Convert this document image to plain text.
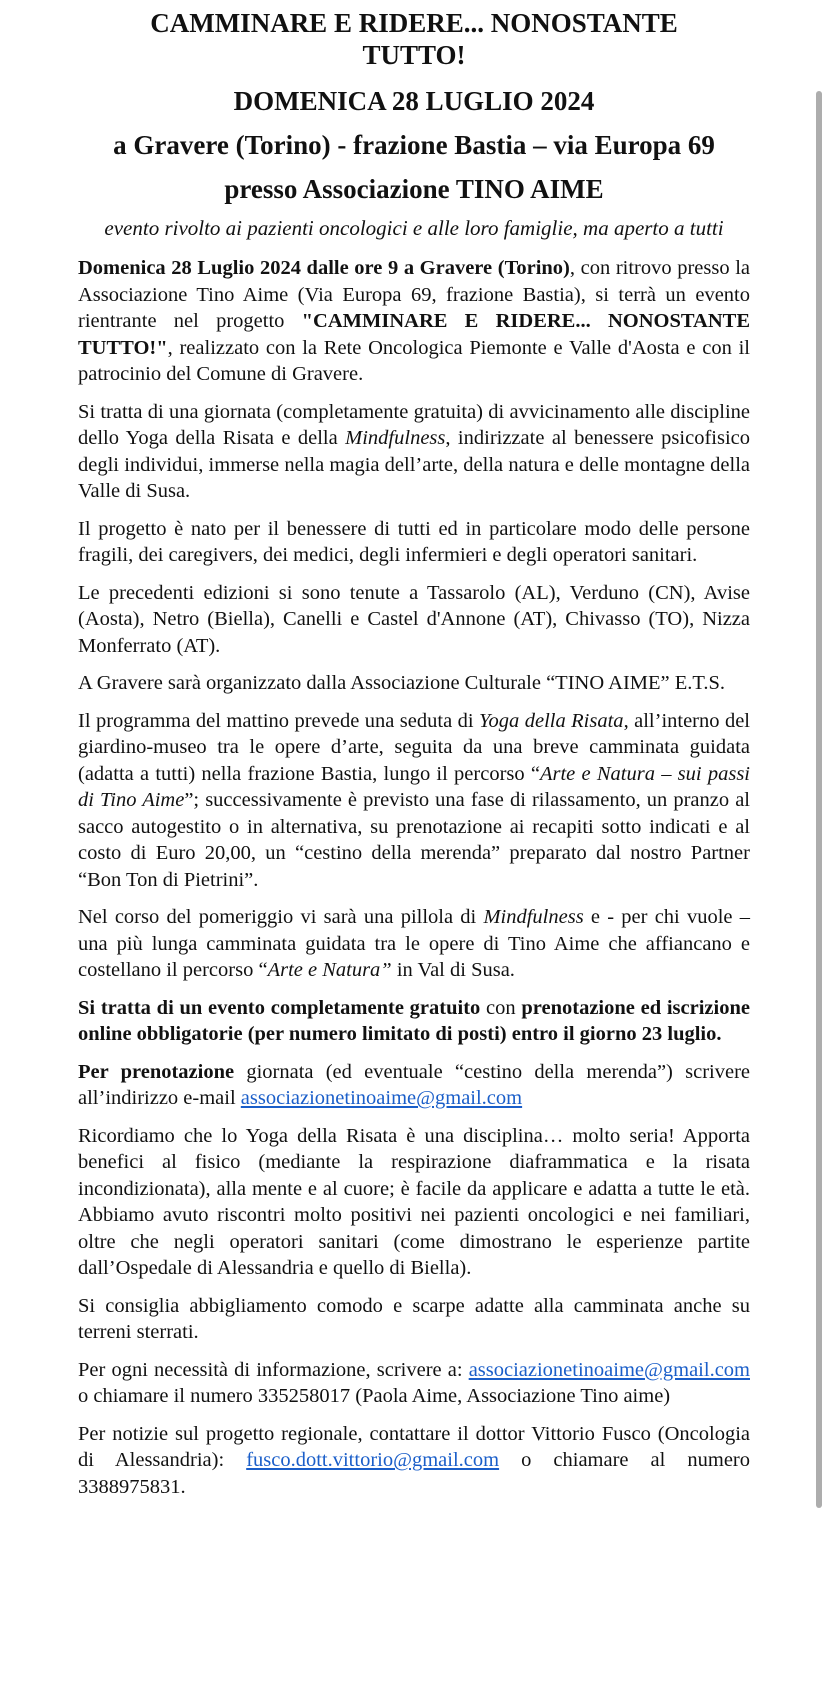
CAMMINARE E RIDERE... NONOSTANTE TUTTO!
DOMENICA 28 LUGLIO 2024
a Gravere (Torino) - frazione Bastia – via Europa 69
presso Associazione TINO AIME
evento rivolto ai pazienti oncologici e alle loro famiglie, ma aperto a tutti

Domenica 28 Luglio 2024 dalle ore 9 a Gravere (Torino), con ritrovo presso la Associazione Tino Aime (Via Europa 69, frazione Bastia), si terrà un evento rientrante nel progetto "CAMMINARE E RIDERE... NONOSTANTE TUTTO!", realizzato con la Rete Oncologica Piemonte e Valle d'Aosta e con il patrocinio del Comune di Gravere.

Si tratta di una giornata (completamente gratuita) di avvicinamento alle discipline dello Yoga della Risata e della Mindfulness, indirizzate al benessere psicofisico degli individui, immerse nella magia dell’arte, della natura e delle montagne della Valle di Susa.

Il progetto è nato per il benessere di tutti ed in particolare modo delle persone fragili, dei caregivers, dei medici, degli infermieri e degli operatori sanitari.

Le precedenti edizioni si sono tenute a Tassarolo (AL), Verduno (CN), Avise (Aosta), Netro (Biella), Canelli e Castel d'Annone (AT), Chivasso (TO), Nizza Monferrato (AT).

A Gravere sarà organizzato dalla Associazione Culturale “TINO AIME” E.T.S.

Il programma del mattino prevede una seduta di Yoga della Risata, all’interno del giardino-museo tra le opere d’arte, seguita da una breve camminata guidata (adatta a tutti) nella frazione Bastia, lungo il percorso “Arte e Natura – sui passi di Tino Aime”; successivamente è previsto una fase di rilassamento, un pranzo al sacco autogestito o in alternativa, su prenotazione ai recapiti sotto indicati e al costo di Euro 20,00, un “cestino della merenda” preparato dal nostro Partner “Bon Ton di Pietrini”.

Nel corso del pomeriggio vi sarà una pillola di Mindfulness e - per chi vuole – una più lunga camminata guidata tra le opere di Tino Aime che affiancano e costellano il percorso “Arte e Natura” in Val di Susa.

Si tratta di un evento completamente gratuito con prenotazione ed iscrizione online obbligatorie (per numero limitato di posti) entro il giorno 23 luglio.

Per prenotazione giornata (ed eventuale “cestino della merenda”) scrivere all’indirizzo e-mail associazionetinoaime@gmail.com

Ricordiamo che lo Yoga della Risata è una disciplina… molto seria! Apporta benefici al fisico (mediante la respirazione diaframmatica e la risata incondizionata), alla mente e al cuore; è facile da applicare e adatta a tutte le età. Abbiamo avuto riscontri molto positivi nei pazienti oncologici e nei familiari, oltre che negli operatori sanitari (come dimostrano le esperienze partite dall’Ospedale di Alessandria e quello di Biella).

Si consiglia abbigliamento comodo e scarpe adatte alla camminata anche su terreni sterrati.

Per ogni necessità di informazione, scrivere a: associazionetinoaime@gmail.com o chiamare il numero 335258017 (Paola Aime, Associazione Tino aime)

Per notizie sul progetto regionale, contattare il dottor Vittorio Fusco (Oncologia di Alessandria): fusco.dott.vittorio@gmail.com o chiamare al numero 3388975831.
